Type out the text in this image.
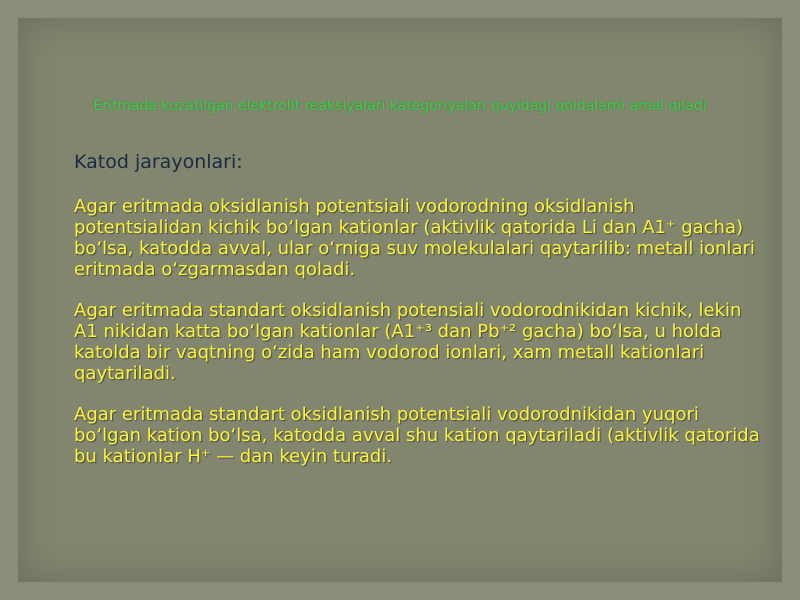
Eritmada kuzatilgan elektrolit reaksiyalari kategoriyalari quyidagi qoidalarni amal qiladi
Katod jarayonlari:

Agar eritmada oksidlanish potentsiali vodorodning oksidlanish potentsialidan kichik bo‘lgan kationlar (aktivlik qatorida Li dan A1⁺ gacha) bo‘lsa, katodda avval, ular o‘rniga suv molekulalari qaytarilib: metall ionlari eritmada o‘zgarmasdan qoladi.

Agar eritmada standart oksidlanish potensiali vodorodnikidan kichik, lekin A1 nikidan katta bo‘lgan kationlar (A1⁺³ dan Pb⁺² gacha) bo‘lsa, u holda katolda bir vaqtning o‘zida ham vodorod ionlari, xam metall kationlari qaytariladi.

Agar eritmada standart oksidlanish potentsiali vodorodnikidan yuqori bo‘lgan kation bo‘lsa, katodda avval shu kation qaytariladi (aktivlik qatorida bu kationlar H⁺ — dan keyin turadi.
